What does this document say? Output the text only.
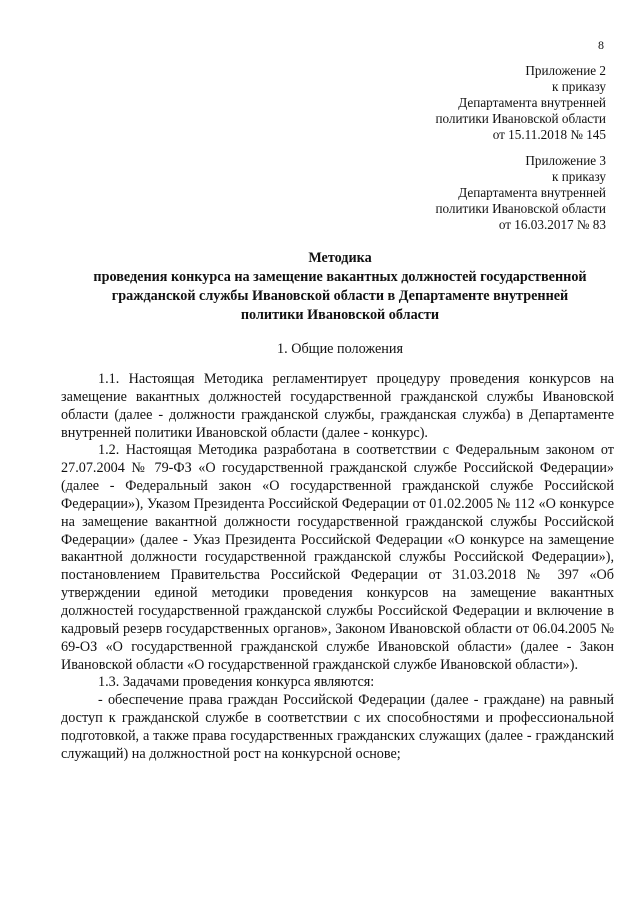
8
Приложение 2
к приказу
Департамента внутренней
политики Ивановской области
от 15.11.2018 № 145
Приложение 3
к приказу
Департамента внутренней
политики Ивановской области
от 16.03.2017 № 83
Методика
проведения конкурса на замещение вакантных должностей государственной
гражданской службы Ивановской области в Департаменте внутренней
политики Ивановской области
1. Общие положения

1.1. Настоящая Методика регламентирует процедуру проведения конкурсов на замещение вакантных должностей государственной гражданской службы Ивановской области (далее - должности гражданской службы, гражданская служба) в Департаменте внутренней политики Ивановской области (далее - конкурс).

1.2. Настоящая Методика разработана в соответствии с Федеральным законом от 27.07.2004 № 79-ФЗ «О государственной гражданской службе Российской Федерации» (далее - Федеральный закон «О государственной гражданской службе Российской Федерации»), Указом Президента Российской Федерации от 01.02.2005 № 112 «О конкурсе на замещение вакантной должности государственной гражданской службы Российской Федерации» (далее - Указ Президента Российской Федерации «О конкурсе на замещение вакантной должности государственной гражданской службы Российской Федерации»), постановлением Правительства Российской Федерации от 31.03.2018 № 397 «Об утверждении единой методики проведения конкурсов на замещение вакантных должностей государственной гражданской службы Российской Федерации и включение в кадровый резерв государственных органов», Законом Ивановской области от 06.04.2005 № 69-ОЗ «О государственной гражданской службе Ивановской области» (далее - Закон Ивановской области «О государственной гражданской службе Ивановской области»).

1.3. Задачами проведения конкурса являются:

- обеспечение права граждан Российской Федерации (далее - граждане) на равный доступ к гражданской службе в соответствии с их способностями и профессиональной подготовкой, а также права государственных гражданских служащих (далее - гражданский служащий) на должностной рост на конкурсной основе;
